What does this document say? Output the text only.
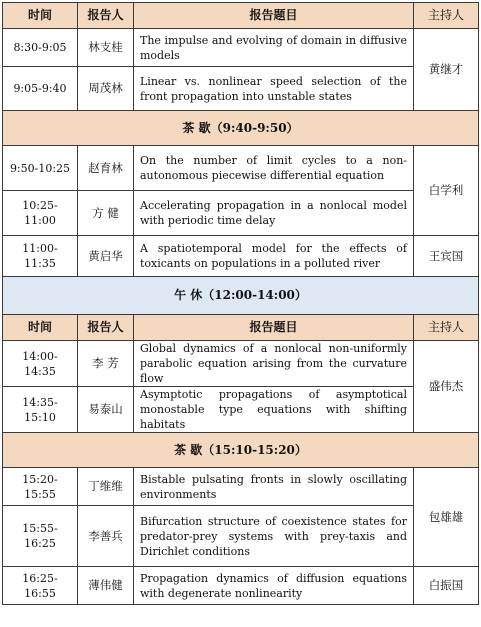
时间	报告人	报告题目	主持人
8:30-9:05	林支桂	The impulse and evolving of domain in diffusive models	黄继才
9:05-9:40	周茂林	Linear vs. nonlinear speed selection of the front propagation into unstable states	
茶 歇（9:40-9:50）			
9:50-10:25	赵育林	On the number of limit cycles to a non-autonomous piecewise differential equation	白学利
10:25-11:00	方 健	Accelerating propagation in a nonlocal model with periodic time delay	
11:00-11:35	黄启华	A spatiotemporal model for the effects of toxicants on populations in a polluted river	王宾国
午 休（12:00-14:00）			
时间	报告人	报告题目	主持人
14:00-14:35	李 芳	Global dynamics of a nonlocal non-uniformly parabolic equation arising from the curvature flow	盛伟杰
14:35-15:10	易泰山	Asymptotic propagations of asymptotical monostable type equations with shifting habitats	
茶 歇（15:10-15:20）			
15:20-15:55	丁维维	Bistable pulsating fronts in slowly oscillating environments	包雄雄
15:55-16:25	李善兵	Bifurcation structure of coexistence states for predator-prey systems with prey-taxis and Dirichlet conditions	
16:25-16:55	薄伟健	Propagation dynamics of diffusion equations with degenerate nonlinearity	白振国
